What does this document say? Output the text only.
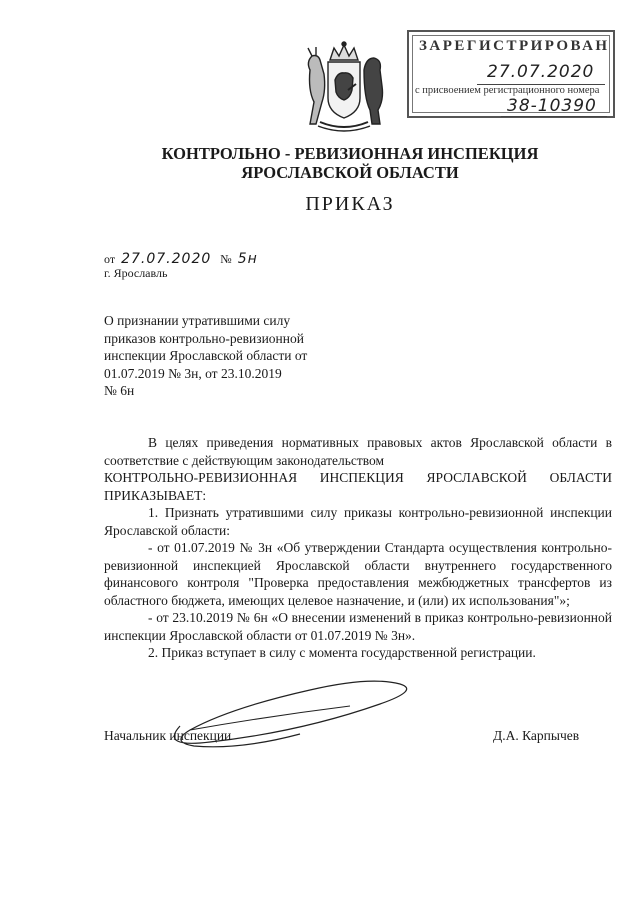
ЗАРЕГИСТРИРОВАН
27.07.2020
с присвоением регистрационного номера
38-10390
КОНТРОЛЬНО - РЕВИЗИОННАЯ ИНСПЕКЦИЯ
ЯРОСЛАВСКОЙ ОБЛАСТИ
ПРИКАЗ
от 27.07.2020 № 5н
г. Ярославль
О признании утратившими силу
приказов контрольно-ревизионной
инспекции Ярославской области от
01.07.2019 № 3н, от 23.10.2019
№ 6н

В целях приведения нормативных правовых актов Ярославской области в соответствие с действующим законодательством

КОНТРОЛЬНО-РЕВИЗИОННАЯ ИНСПЕКЦИЯ ЯРОСЛАВСКОЙ ОБЛАСТИ ПРИКАЗЫВАЕТ:

1. Признать утратившими силу приказы контрольно-ревизионной инспекции Ярославской области:

- от 01.07.2019 № 3н «Об утверждении Стандарта осуществления контрольно-ревизионной инспекцией Ярославской области внутреннего государственного финансового контроля "Проверка предоставления межбюджетных трансфертов из областного бюджета, имеющих целевое назначение, и (или) их использования"»;

- от 23.10.2019 № 6н «О внесении изменений в приказ контрольно-ревизионной инспекции Ярославской области от 01.07.2019 № 3н».

2. Приказ вступает в силу с момента государственной регистрации.

Начальник инспекции	Д.А. Карпычев
